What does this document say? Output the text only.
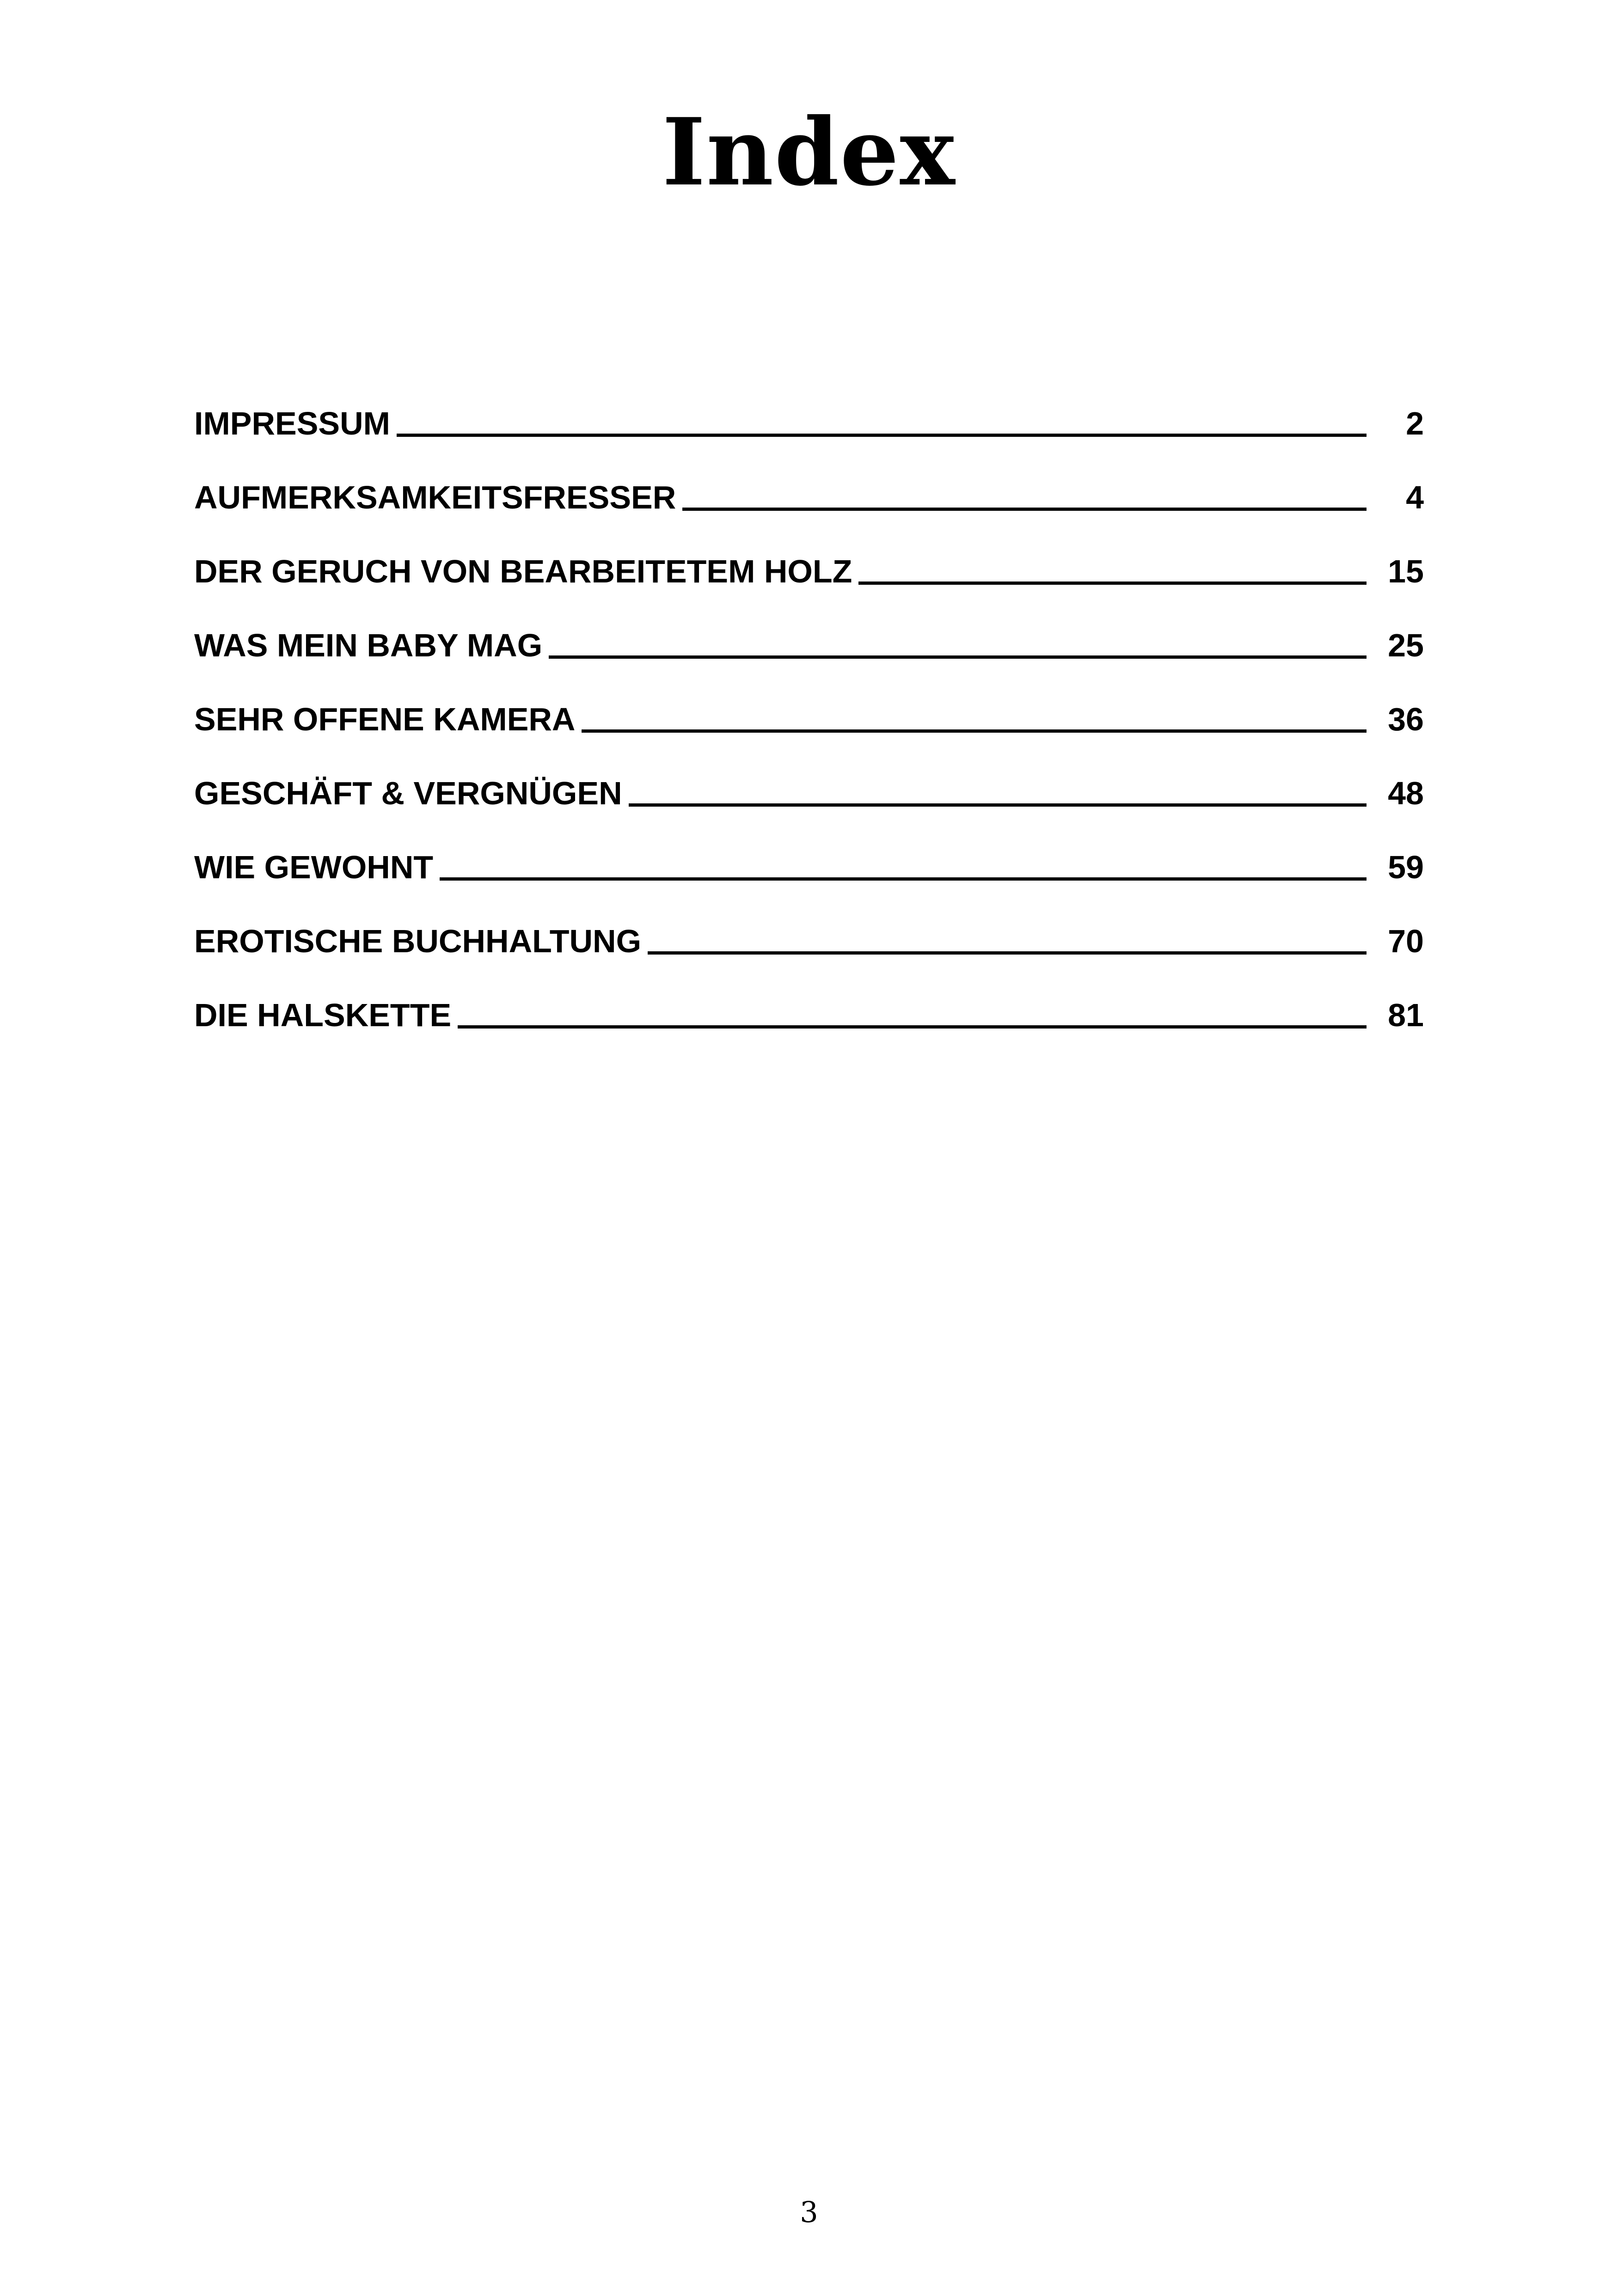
Index
IMPRESSUM	2
AUFMERKSAMKEITSFRESSER	4
DER GERUCH VON BEARBEITETEM HOLZ	15
WAS MEIN BABY MAG	25
SEHR OFFENE KAMERA	36
GESCHÄFT & VERGNÜGEN	48
WIE GEWOHNT	59
EROTISCHE BUCHHALTUNG	70
DIE HALSKETTE	81
3
